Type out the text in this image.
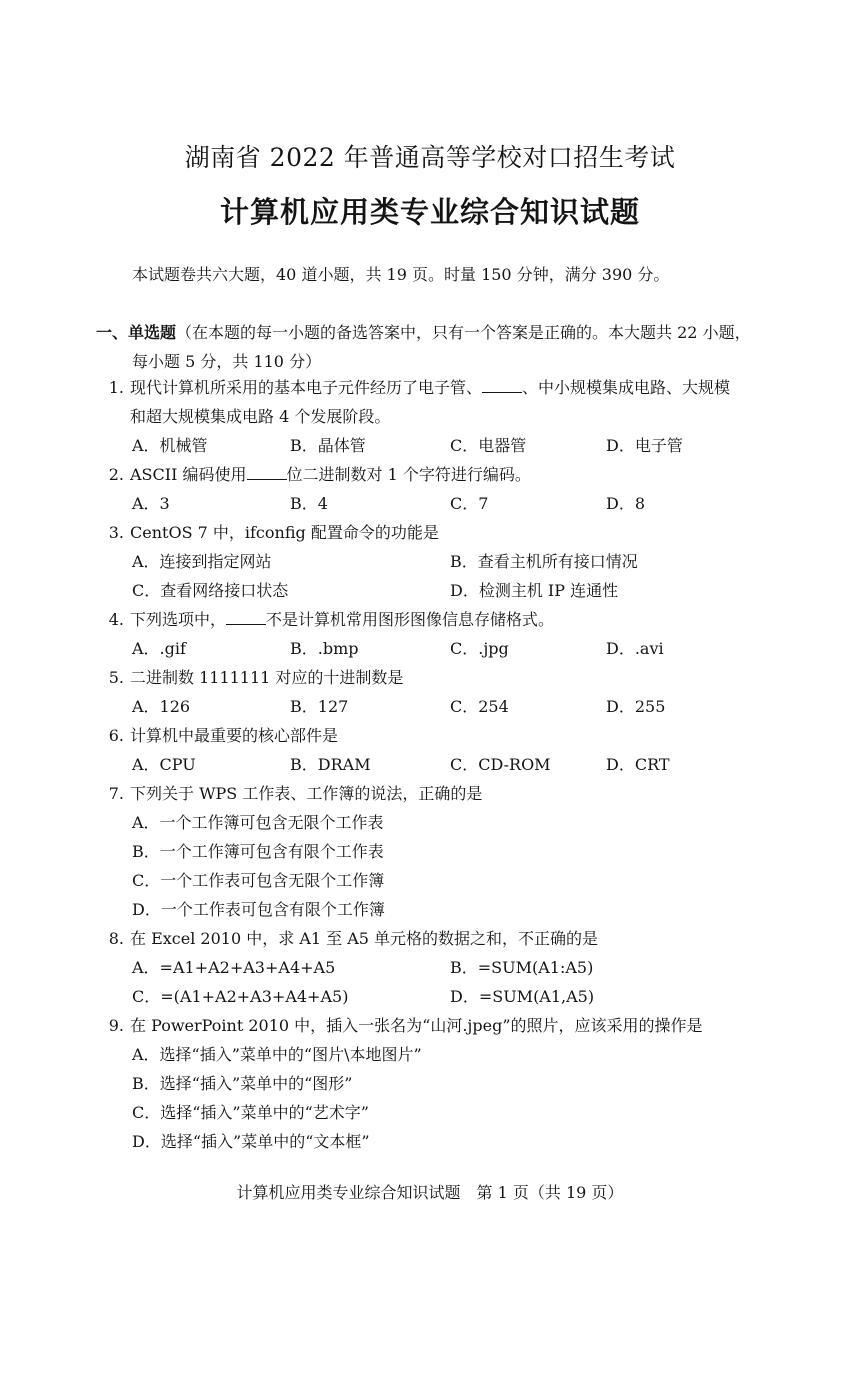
湖南省 2022 年普通高等学校对口招生考试
计算机应用类专业综合知识试题
本试题卷共六大题，40 道小题，共 19 页。时量 150 分钟，满分 390 分。
一、单选题（在本题的每一小题的备选答案中，只有一个答案是正确的。本大题共 22 小题，
每小题 5 分，共 110 分）
1. 现代计算机所采用的基本电子元件经历了电子管、	、中小规模集成电路、大规模
和超大规模集成电路 4 个发展阶段。
A．机械管	B．晶体管	C．电器管	D．电子管
2. ASCII 编码使用	位二进制数对 1 个字符进行编码。
A．3	B．4	C．7	D．8
3. CentOS 7 中，ifconfig 配置命令的功能是
A．连接到指定网站	B．查看主机所有接口情况
C．查看网络接口状态	D．检测主机 IP 连通性
4. 下列选项中，	不是计算机常用图形图像信息存储格式。
A．.gif	B．.bmp	C．.jpg	D．.avi
5. 二进制数 1111111 对应的十进制数是
A．126	B．127	C．254	D．255
6. 计算机中最重要的核心部件是
A．CPU	B．DRAM	C．CD-ROM	D．CRT
7. 下列关于 WPS 工作表、工作簿的说法，正确的是
A．一个工作簿可包含无限个工作表
B．一个工作簿可包含有限个工作表
C．一个工作表可包含无限个工作簿
D．一个工作表可包含有限个工作簿
8. 在 Excel 2010 中，求 A1 至 A5 单元格的数据之和，不正确的是
A．=A1+A2+A3+A4+A5	B．=SUM(A1:A5)
C．=(A1+A2+A3+A4+A5)	D．=SUM(A1,A5)
9. 在 PowerPoint 2010 中，插入一张名为“山河.jpeg”的照片，应该采用的操作是
A．选择“插入”菜单中的“图片\本地图片”
B．选择“插入”菜单中的“图形”
C．选择“插入”菜单中的“艺术字”
D．选择“插入”菜单中的“文本框”
计算机应用类专业综合知识试题　第 1 页（共 19 页）
